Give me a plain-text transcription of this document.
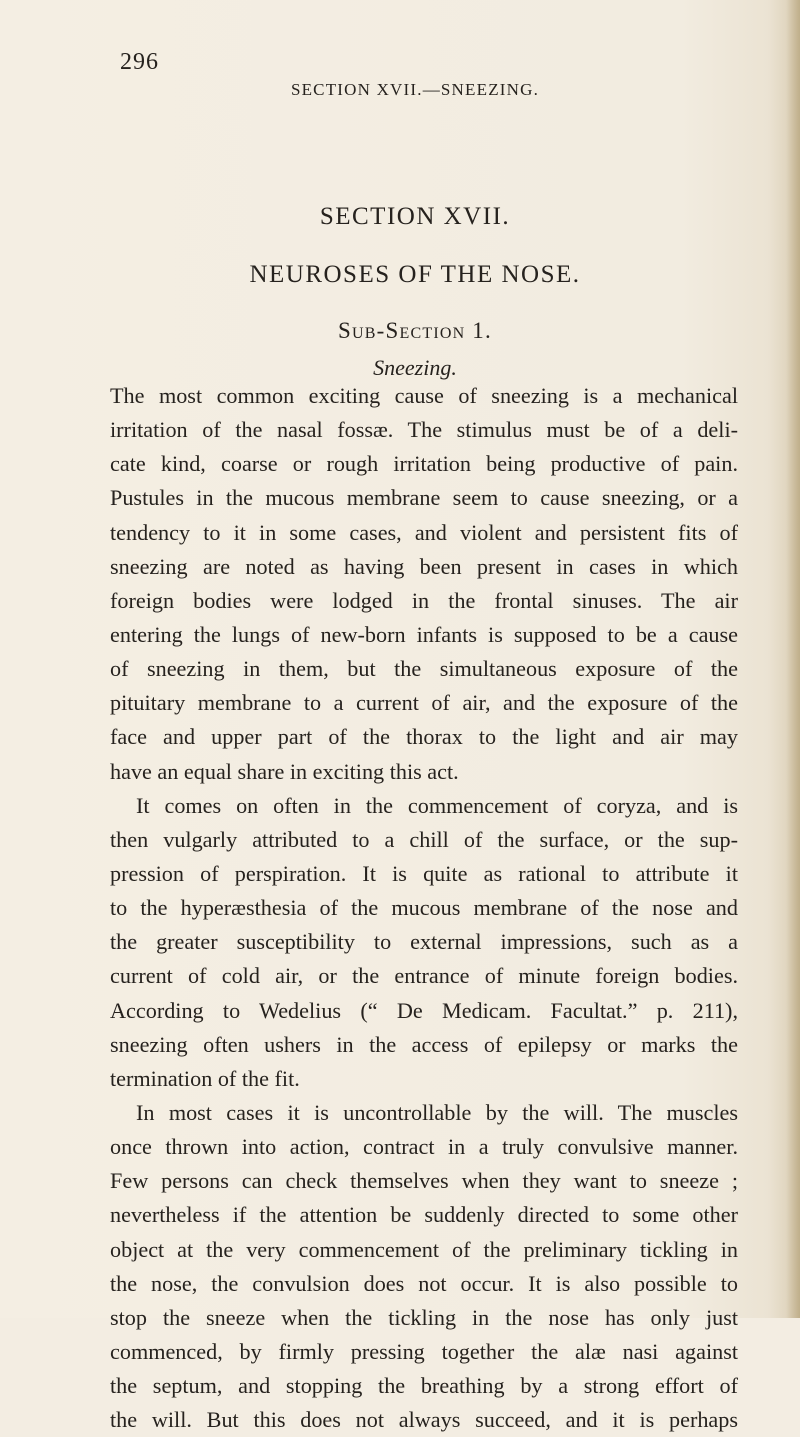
296
SECTION XVII.—SNEEZING.
SECTION XVII.
NEUROSES OF THE NOSE.
Sub-Section 1.
Sneezing.
The most common exciting cause of sneezing is a mechanical
irritation of the nasal fossæ. The stimulus must be of a deli-
cate kind, coarse or rough irritation being productive of pain.
Pustules in the mucous membrane seem to cause sneezing, or a
tendency to it in some cases, and violent and persistent fits of
sneezing are noted as having been present in cases in which
foreign bodies were lodged in the frontal sinuses. The air
entering the lungs of new-born infants is supposed to be a cause
of sneezing in them, but the simultaneous exposure of the
pituitary membrane to a current of air, and the exposure of the
face and upper part of the thorax to the light and air may
have an equal share in exciting this act.
It comes on often in the commencement of coryza, and is
then vulgarly attributed to a chill of the surface, or the sup-
pression of perspiration. It is quite as rational to attribute it
to the hyperæsthesia of the mucous membrane of the nose and
the greater susceptibility to external impressions, such as a
current of cold air, or the entrance of minute foreign bodies.
According to Wedelius (“ De Medicam. Facultat.” p. 211),
sneezing often ushers in the access of epilepsy or marks the
termination of the fit.
In most cases it is uncontrollable by the will. The muscles
once thrown into action, contract in a truly convulsive manner.
Few persons can check themselves when they want to sneeze ;
nevertheless if the attention be suddenly directed to some other
object at the very commencement of the preliminary tickling in
the nose, the convulsion does not occur. It is also possible to
stop the sneeze when the tickling in the nose has only just
commenced, by firmly pressing together the alæ nasi against
the septum, and stopping the breathing by a strong effort of
the will. But this does not always succeed, and it is perhaps
